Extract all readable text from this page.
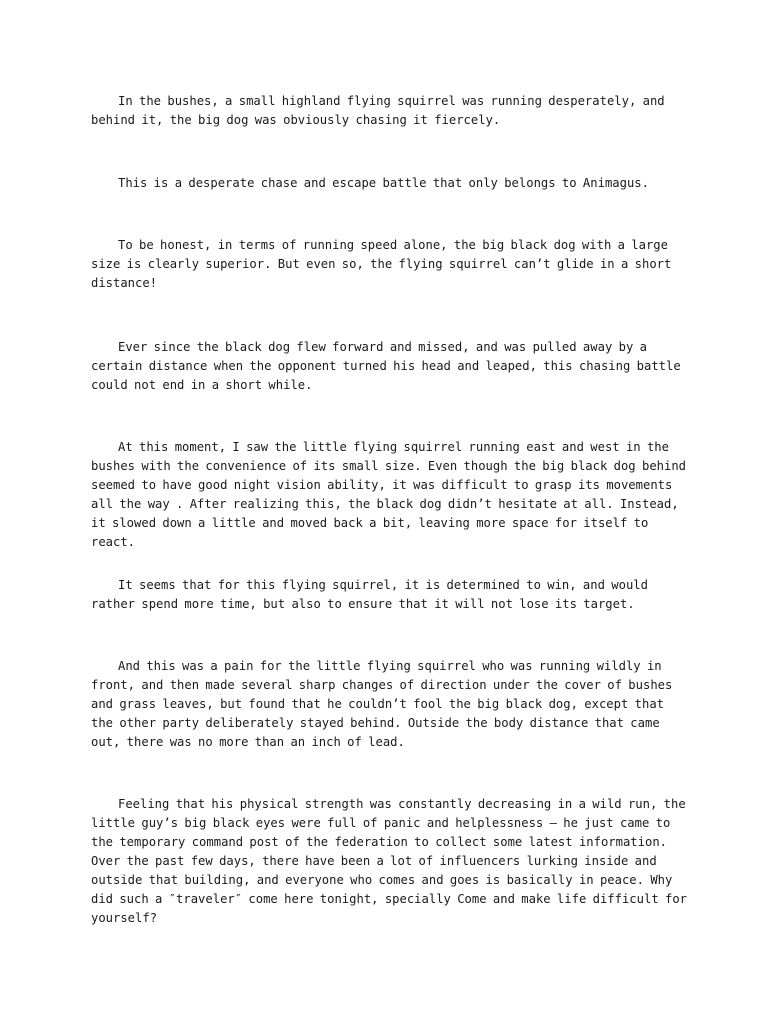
In the bushes, a small highland flying squirrel was running desperately, and behind it, the big dog was obviously chasing it fiercely.

This is a desperate chase and escape battle that only belongs to Animagus.

To be honest, in terms of running speed alone, the big black dog with a large size is clearly superior. But even so, the flying squirrel can’t glide in a short distance!

Ever since the black dog flew forward and missed, and was pulled away by a certain distance when the opponent turned his head and leaped, this chasing battle could not end in a short while.

At this moment, I saw the little flying squirrel running east and west in the bushes with the convenience of its small size. Even though the big black dog behind seemed to have good night vision ability, it was difficult to grasp its movements all the way . After realizing this, the black dog didn’t hesitate at all. Instead, it slowed down a little and moved back a bit, leaving more space for itself to react.

It seems that for this flying squirrel, it is determined to win, and would rather spend more time, but also to ensure that it will not lose its target.

And this was a pain for the little flying squirrel who was running wildly in front, and then made several sharp changes of direction under the cover of bushes and grass leaves, but found that he couldn’t fool the big black dog, except that the other party deliberately stayed behind. Outside the body distance that came out, there was no more than an inch of lead.

Feeling that his physical strength was constantly decreasing in a wild run, the little guy’s big black eyes were full of panic and helplessness — he just came to the temporary command post of the federation to collect some latest information. Over the past few days, there have been a lot of influencers lurking inside and outside that building, and everyone who comes and goes is basically in peace. Why did such a ″traveler″ come here tonight, specially Come and make life difficult for yourself?
